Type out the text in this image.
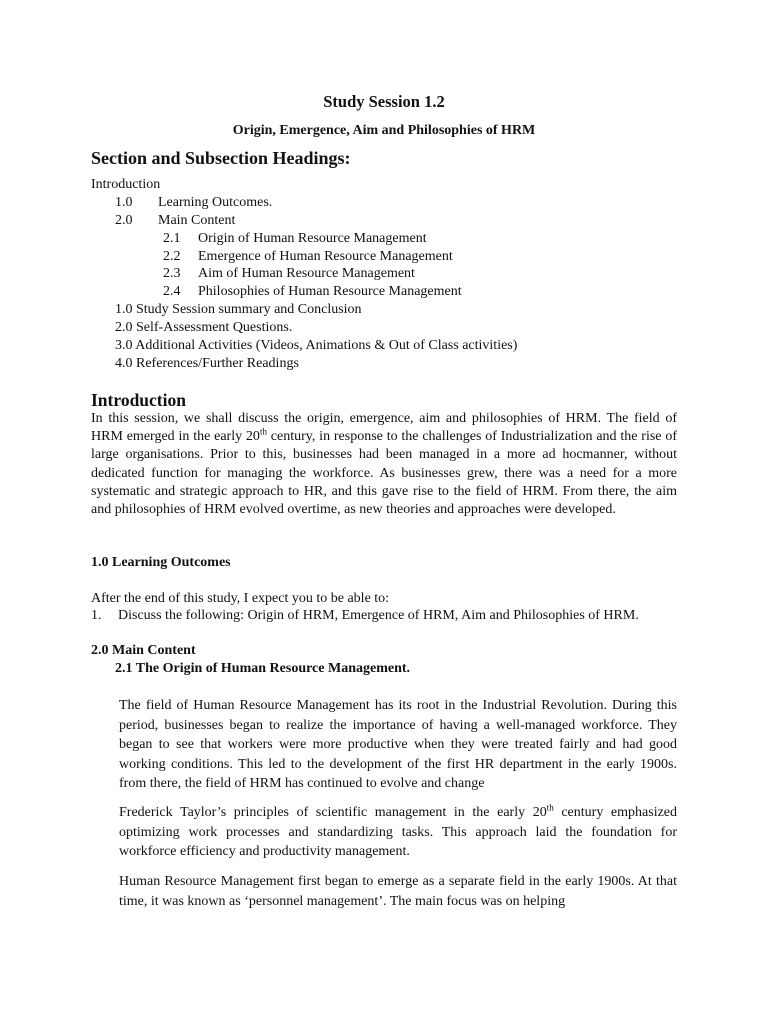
Study Session 1.2
Origin, Emergence, Aim and Philosophies of HRM
Section and Subsection Headings:
Introduction
1.0 Learning Outcomes.
2.0 Main Content
2.1 Origin of Human Resource Management
2.2 Emergence of Human Resource Management
2.3 Aim of Human Resource Management
2.4 Philosophies of Human Resource Management
1.0 Study Session summary and Conclusion
2.0 Self-Assessment Questions.
3.0 Additional Activities (Videos, Animations & Out of Class activities)
4.0 References/Further Readings
Introduction
In this session, we shall discuss the origin, emergence, aim and philosophies of HRM. The field of HRM emerged in the early 20th century, in response to the challenges of Industrialization and the rise of large organisations. Prior to this, businesses had been managed in a more ad hocmanner, without dedicated function for managing the workforce. As businesses grew, there was a need for a more systematic and strategic approach to HR, and this gave rise to the field of HRM. From there, the aim and philosophies of HRM evolved overtime, as new theories and approaches were developed.
1.0 Learning Outcomes
After the end of this study, I expect you to be able to:
1. Discuss the following: Origin of HRM, Emergence of HRM, Aim and Philosophies of HRM.
2.0 Main Content
2.1 The Origin of Human Resource Management.
The field of Human Resource Management has its root in the Industrial Revolution. During this period, businesses began to realize the importance of having a well-managed workforce. They began to see that workers were more productive when they were treated fairly and had good working conditions. This led to the development of the first HR department in the early 1900s. from there, the field of HRM has continued to evolve and change
Frederick Taylor’s principles of scientific management in the early 20th century emphasized optimizing work processes and standardizing tasks. This approach laid the foundation for workforce efficiency and productivity management.
Human Resource Management first began to emerge as a separate field in the early 1900s. At that time, it was known as ‘personnel management’. The main focus was on helping
